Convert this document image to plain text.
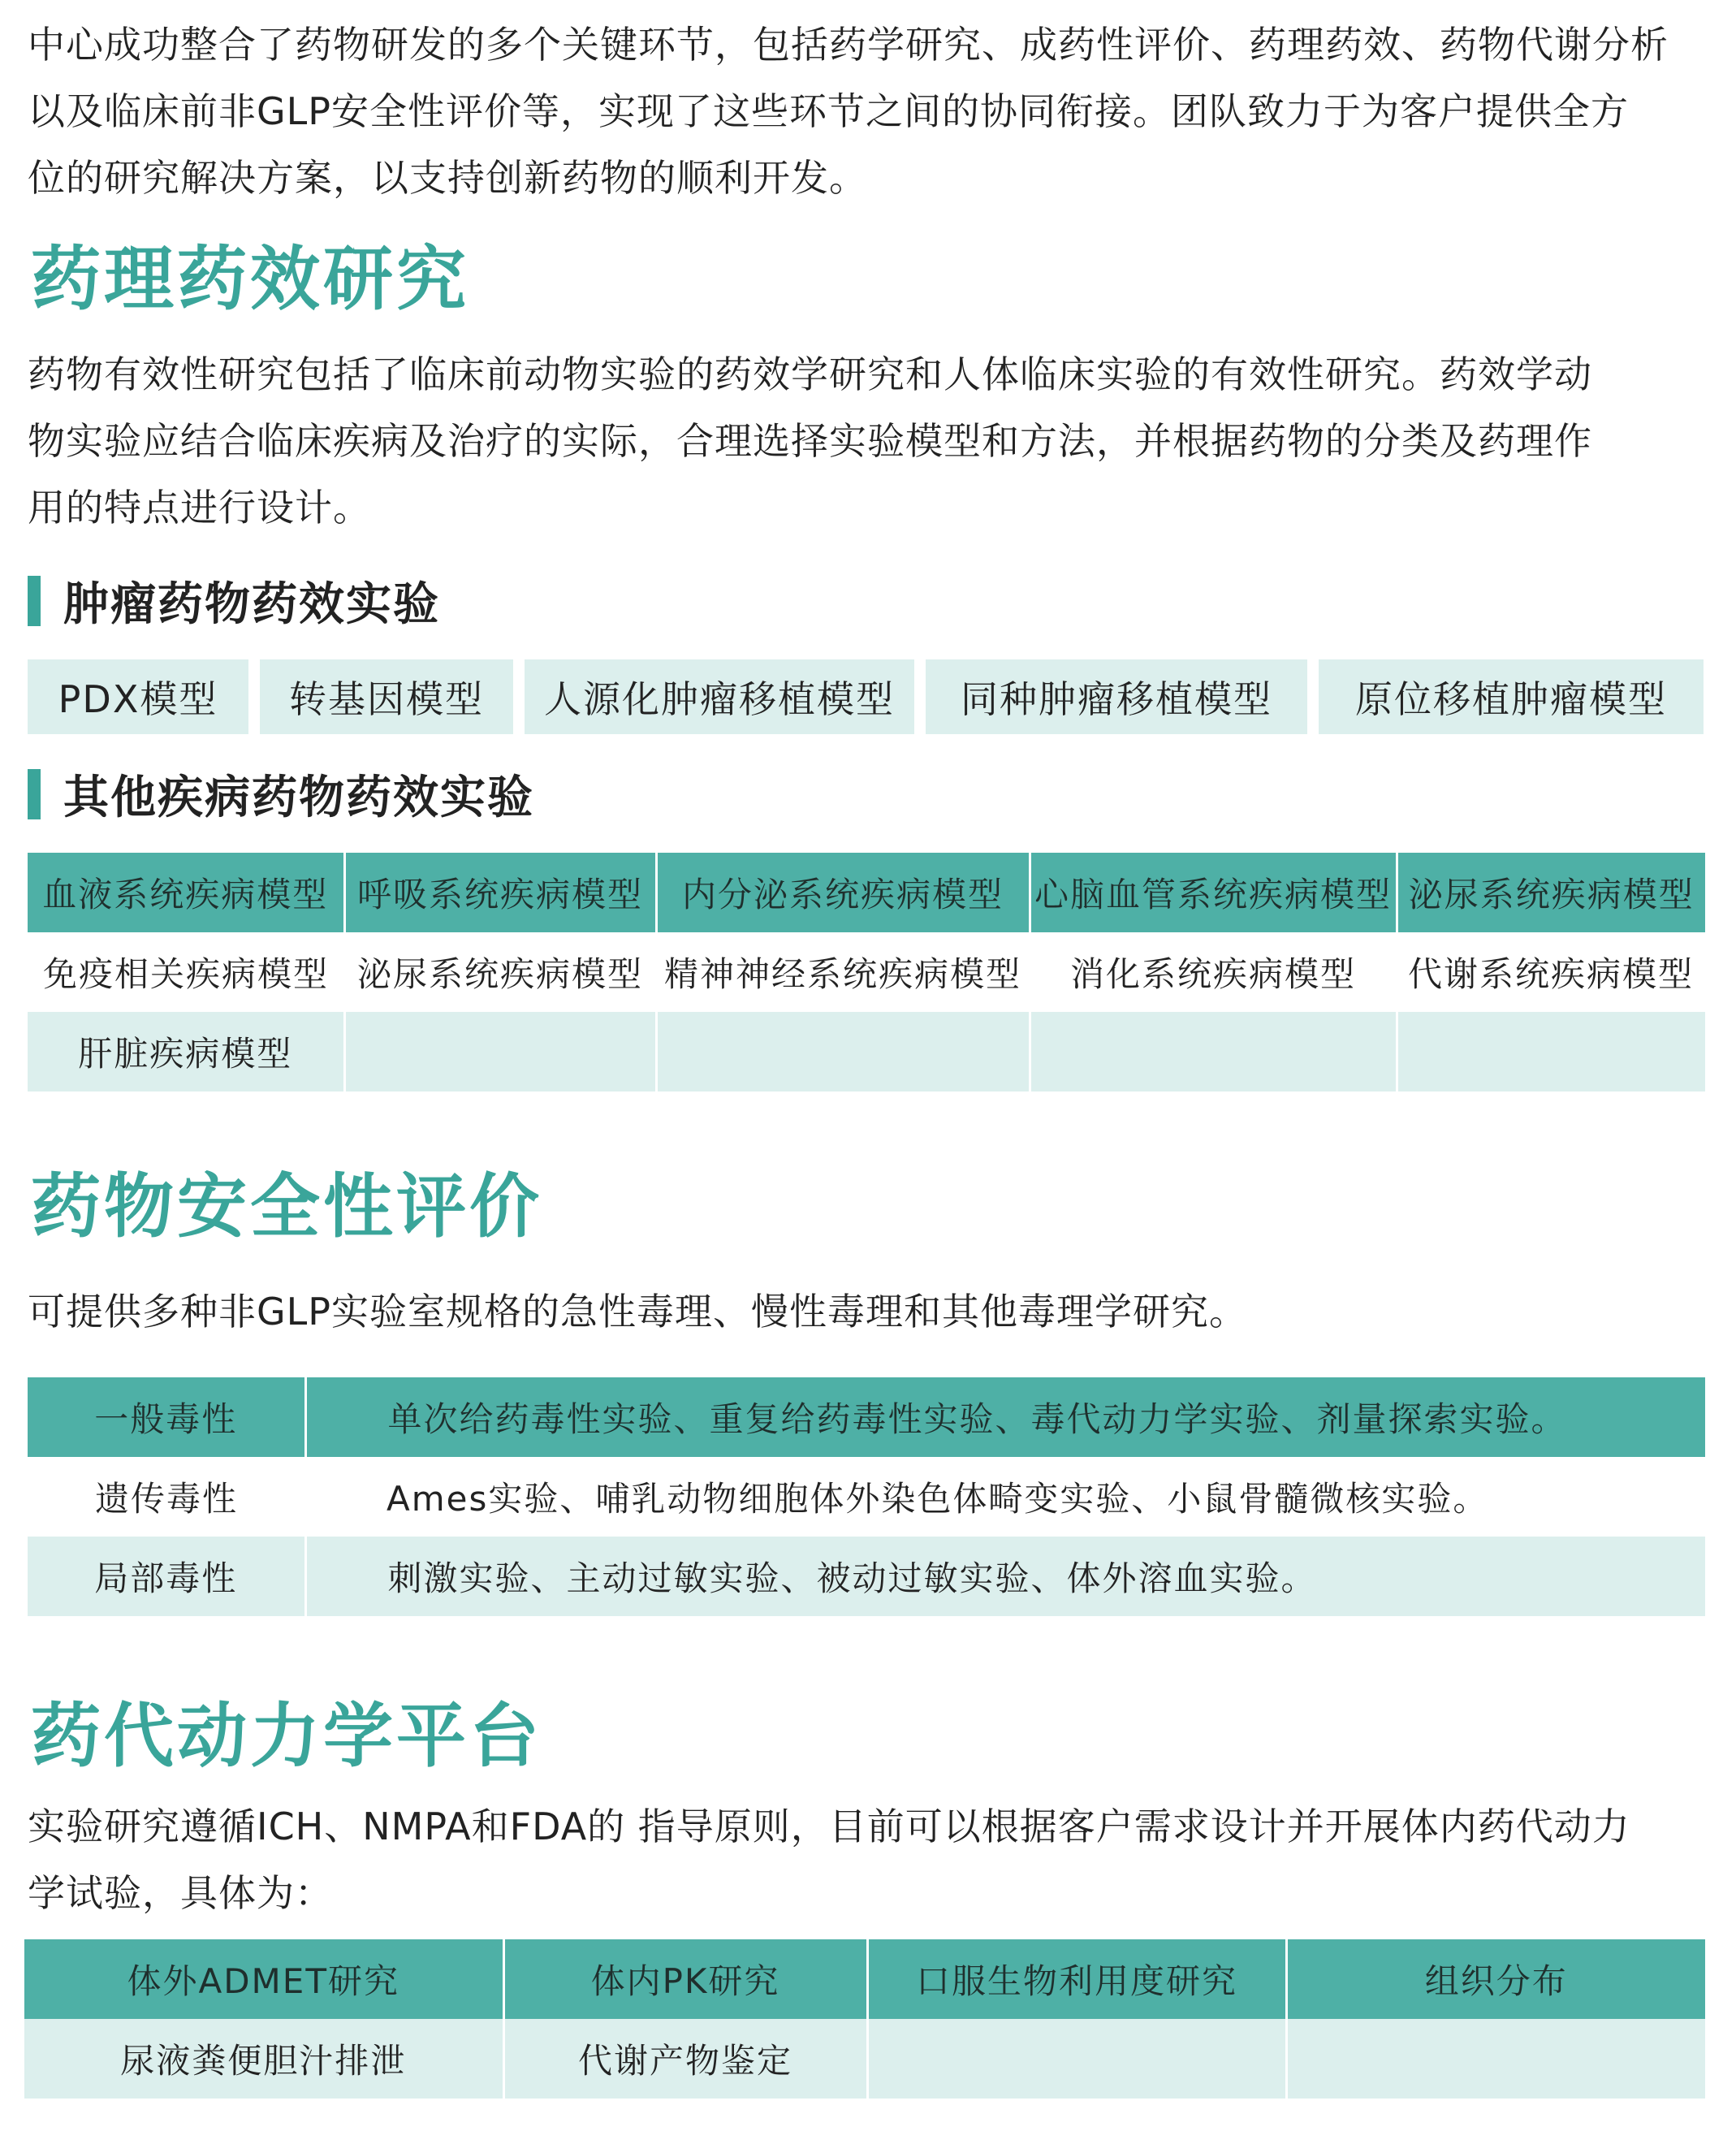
中心成功整合了药物研发的多个关键环节，包括药学研究、成药性评价、药理药效、药物代谢分析

以及临床前非GLP安全性评价等，实现了这些环节之间的协同衔接。团队致力于为客户提供全方

位的研究解决方案，以支持创新药物的顺利开发。

药理药效研究

药物有效性研究包括了临床前动物实验的药效学研究和人体临床实验的有效性研究。药效学动

物实验应结合临床疾病及治疗的实际，合理选择实验模型和方法，并根据药物的分类及药理作

用的特点进行设计。

肿瘤药物药效实验
PDX模型	转基因模型	人源化肿瘤移植模型	同种肿瘤移植模型	原位移植肿瘤模型
其他疾病药物药效实验
血液系统疾病模型	呼吸系统疾病模型	内分泌系统疾病模型	心脑血管系统疾病模型	泌尿系统疾病模型
免疫相关疾病模型	泌尿系统疾病模型	精神神经系统疾病模型	消化系统疾病模型	代谢系统疾病模型
肝脏疾病模型				
药物安全性评价

可提供多种非GLP实验室规格的急性毒理、慢性毒理和其他毒理学研究。

一般毒性	单次给药毒性实验、重复给药毒性实验、毒代动力学实验、剂量探索实验。
遗传毒性	Ames实验、哺乳动物细胞体外染色体畸变实验、小鼠骨髓微核实验。
局部毒性	刺激实验、主动过敏实验、被动过敏实验、体外溶血实验。
药代动力学平台

实验研究遵循ICH、NMPA和FDA的 指导原则，目前可以根据客户需求设计并开展体内药代动力

学试验，具体为：

体外ADMET研究	体内PK研究	口服生物利用度研究	组织分布
尿液粪便胆汁排泄	代谢产物鉴定		
